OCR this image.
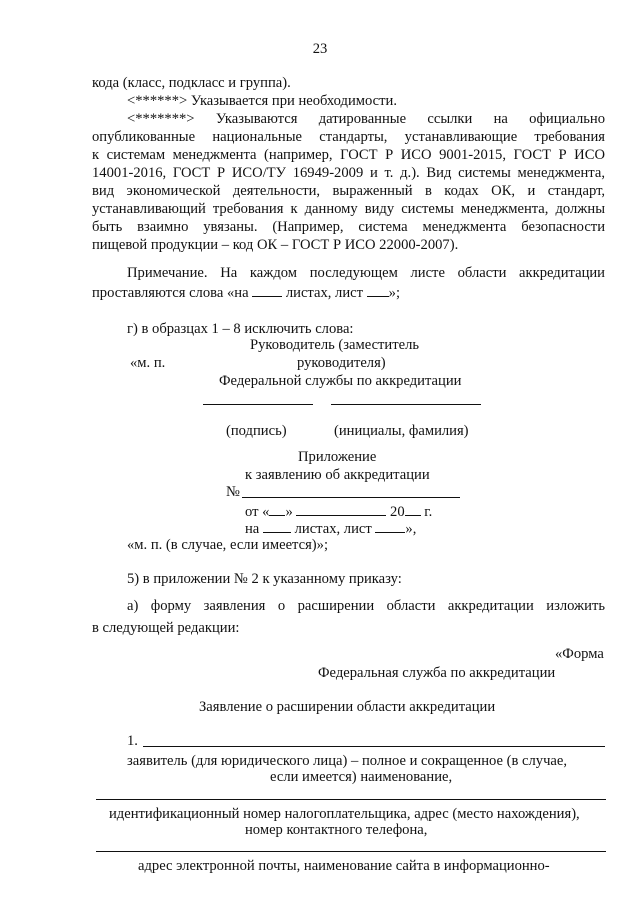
23
кода (класс, подкласс и группа).
<******> Указывается при необходимости.
<*******> Указываются датированные ссылки на официально
опубликованные национальные стандарты, устанавливающие требования
к системам менеджмента (например, ГОСТ Р ИСО 9001-2015, ГОСТ Р ИСО
14001-2016, ГОСТ Р ИСО/ТУ 16949-2009 и т. д.). Вид системы менеджмента,
вид экономической деятельности, выраженный в кодах ОК, и стандарт,
устанавливающий требования к данному виду системы менеджмента, должны
быть взаимно увязаны. (Например, система менеджмента безопасности
пищевой продукции – код ОК – ГОСТ Р ИСО 22000-2007).
Примечание. На каждом последующем листе области аккредитации
проставляются слова «на	листах, лист »;
г) в образцах 1 – 8 исключить слова:
Руководитель (заместитель
«м. п.	руководителя)
Федеральной службы по аккредитации
(подпись)	(инициалы, фамилия)
Приложение
к заявлению об аккредитации
№
от « »	20 г.
на листах, лист »,
«м. п. (в случае, если имеется)»;
5) в приложении № 2 к указанному приказу:
а) форму заявления о расширении области аккредитации изложить
в следующей редакции:
«Форма
Федеральная служба по аккредитации
Заявление о расширении области аккредитации
1.
заявитель (для юридического лица) – полное и сокращенное (в случае,
если имеется) наименование,
идентификационный номер налогоплательщика, адрес (место нахождения),
номер контактного телефона,
адрес электронной почты, наименование сайта в информационно-
